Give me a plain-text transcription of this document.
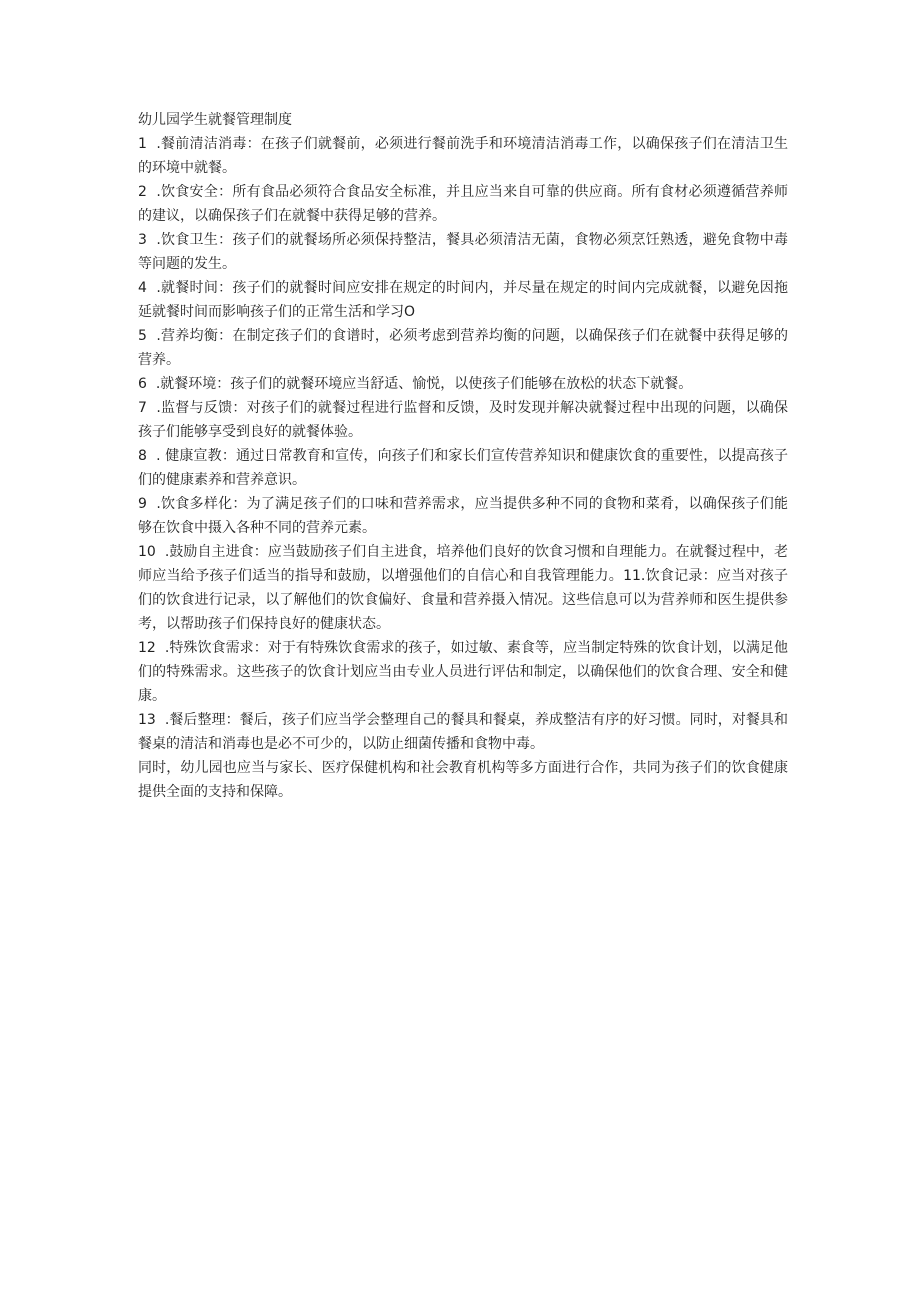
幼儿园学生就餐管理制度

1 .餐前清洁消毒：在孩子们就餐前，必须进行餐前洗手和环境清洁消毒工作，以确保孩子们在清洁卫生的环境中就餐。

2 .饮食安全：所有食品必须符合食品安全标准，并且应当来自可靠的供应商。所有食材必须遵循营养师的建议，以确保孩子们在就餐中获得足够的营养。

3 .饮食卫生：孩子们的就餐场所必须保持整洁，餐具必须清洁无菌，食物必须烹饪熟透，避免食物中毒等问题的发生。

4 .就餐时间：孩子们的就餐时间应安排在规定的时间内，并尽量在规定的时间内完成就餐，以避免因拖延就餐时间而影响孩子们的正常生活和学习O

5 .营养均衡：在制定孩子们的食谱时，必须考虑到营养均衡的问题，以确保孩子们在就餐中获得足够的营养。

6 .就餐环境：孩子们的就餐环境应当舒适、愉悦，以使孩子们能够在放松的状态下就餐。

7 .监督与反馈：对孩子们的就餐过程进行监督和反馈，及时发现并解决就餐过程中出现的问题，以确保孩子们能够享受到良好的就餐体验。

8 . 健康宣教：通过日常教育和宣传，向孩子们和家长们宣传营养知识和健康饮食的重要性，以提高孩子们的健康素养和营养意识。

9 .饮食多样化：为了满足孩子们的口味和营养需求，应当提供多种不同的食物和菜肴，以确保孩子们能够在饮食中摄入各种不同的营养元素。

10 .鼓励自主进食：应当鼓励孩子们自主进食，培养他们良好的饮食习惯和自理能力。在就餐过程中，老师应当给予孩子们适当的指导和鼓励，以增强他们的自信心和自我管理能力。11.饮食记录：应当对孩子们的饮食进行记录，以了解他们的饮食偏好、食量和营养摄入情况。这些信息可以为营养师和医生提供参考，以帮助孩子们保持良好的健康状态。

12 .特殊饮食需求：对于有特殊饮食需求的孩子，如过敏、素食等，应当制定特殊的饮食计划，以满足他们的特殊需求。这些孩子的饮食计划应当由专业人员进行评估和制定，以确保他们的饮食合理、安全和健康。

13 .餐后整理：餐后，孩子们应当学会整理自己的餐具和餐桌，养成整洁有序的好习惯。同时，对餐具和餐桌的清洁和消毒也是必不可少的，以防止细菌传播和食物中毒。

同时，幼儿园也应当与家长、医疗保健机构和社会教育机构等多方面进行合作，共同为孩子们的饮食健康提供全面的支持和保障。
